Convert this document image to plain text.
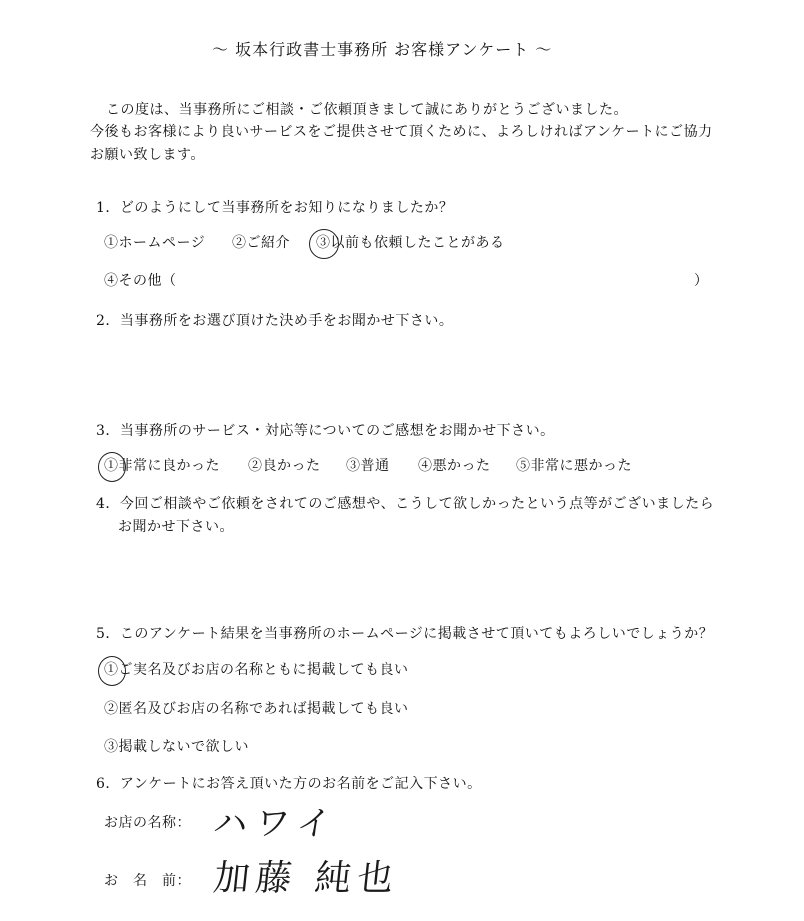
～ 坂本行政書士事務所 お客様アンケート ～
この度は、当事務所にご相談・ご依頼頂きまして誠にありがとうございました。
今後もお客様により良いサービスをご提供させて頂くために、よろしければアンケートにご協力
お願い致します。
1．どのようにして当事務所をお知りになりましたか？
①ホームページ ②ご紹介 ③以前も依頼したことがある
④その他（	）
2．当事務所をお選び頂けた決め手をお聞かせ下さい。
3．当事務所のサービス・対応等についてのご感想をお聞かせ下さい。
①非常に良かった ②良かった ③普通 ④悪かった ⑤非常に悪かった
4．今回ご相談やご依頼をされてのご感想や、こうして欲しかったという点等がございましたら
お聞かせ下さい。
5．このアンケート結果を当事務所のホームページに掲載させて頂いてもよろしいでしょうか？
①ご実名及びお店の名称ともに掲載しても良い
②匿名及びお店の名称であれば掲載しても良い
③掲載しないで欲しい
6．アンケートにお答え頂いた方のお名前をご記入下さい。
お店の名称： ハワイ
お　名　前： 加藤 純也
